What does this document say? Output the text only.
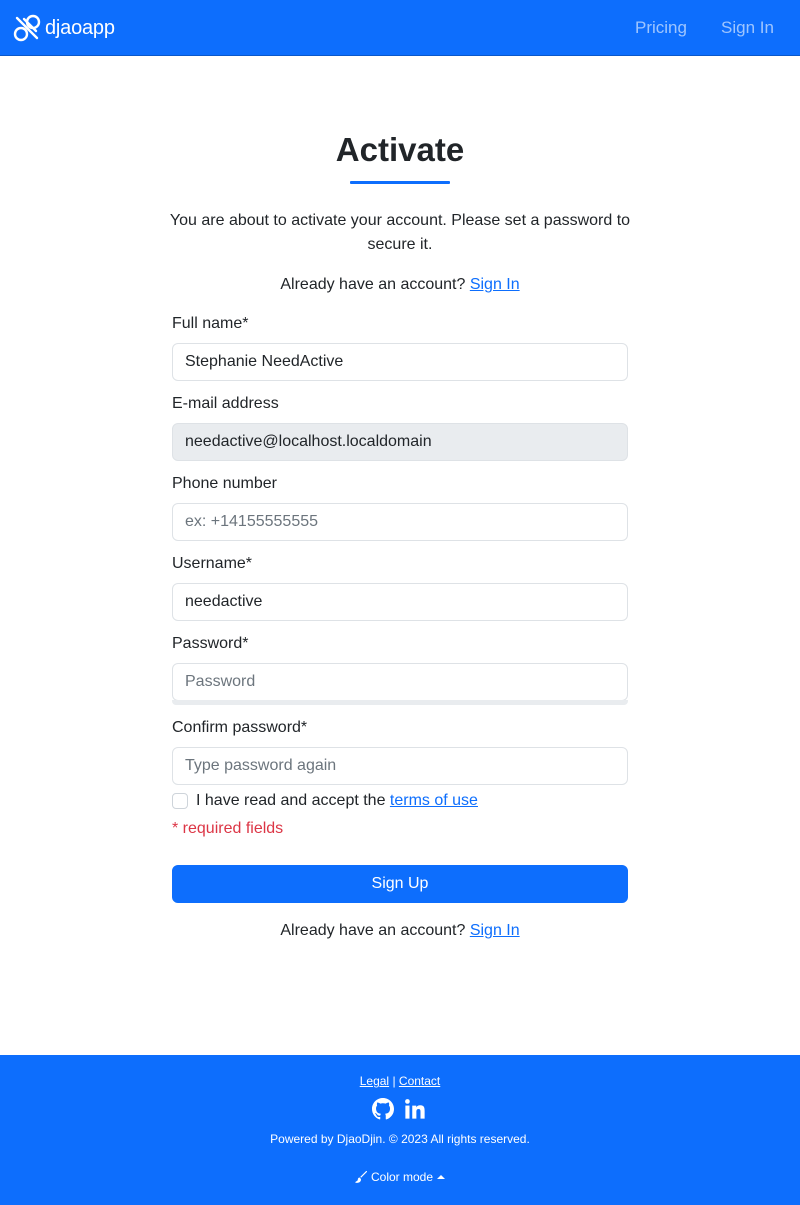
djaoapp	Pricing Sign In
Activate

You are about to activate your account. Please set a password to secure it.

Already have an account? Sign In
Full name*
Stephanie NeedActive
E-mail address
needactive@localhost.localdomain
Phone number
ex: +14155555555
Username*
needactive
Password*
Confirm password*
I have read and accept the
terms of use
* required fields
Sign Up
Already have an account? Sign In
Legal | Contact
Powered by DjaoDjin. © 2023 All rights reserved.
Color mode
